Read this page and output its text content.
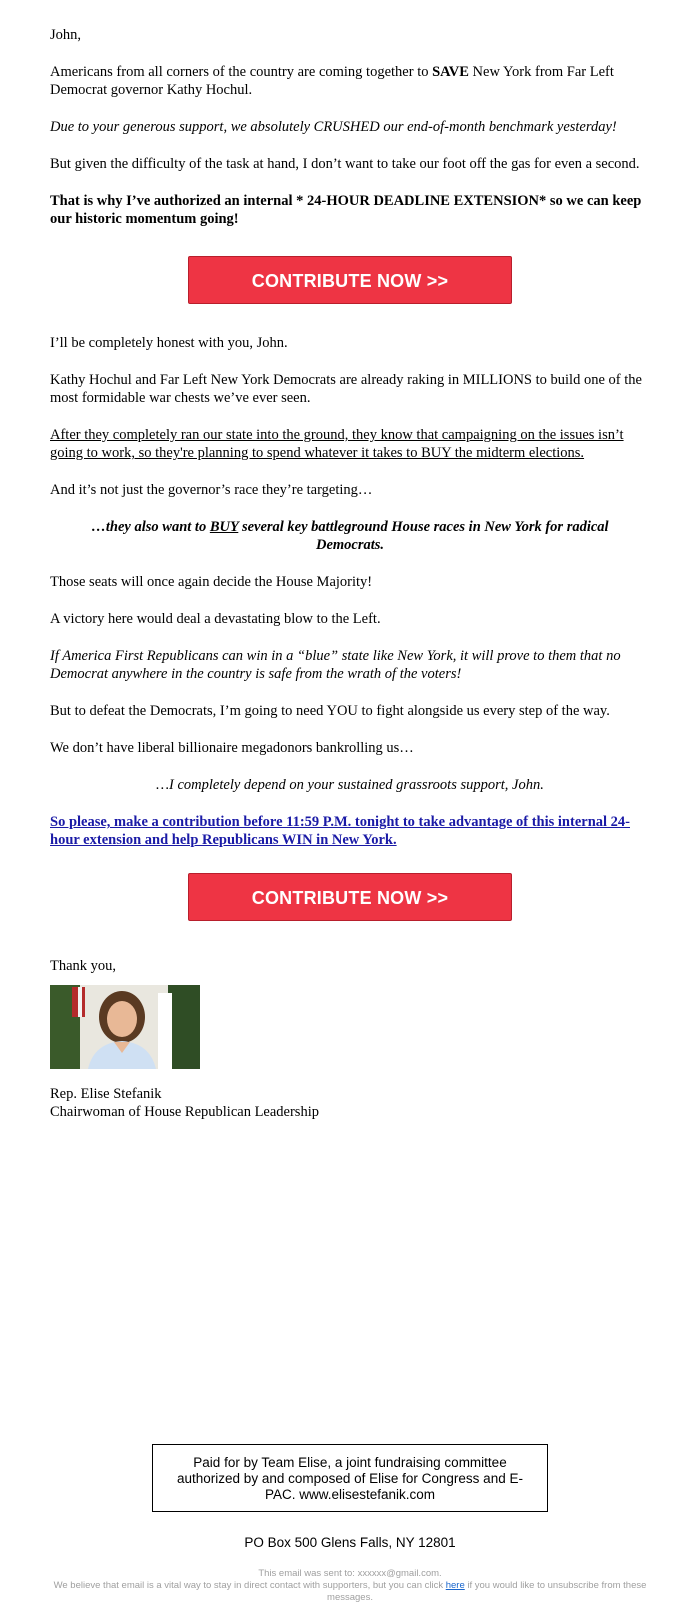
John,

Americans from all corners of the country are coming together to SAVE New York from Far Left Democrat governor Kathy Hochul.

Due to your generous support, we absolutely CRUSHED our end-of-month benchmark yesterday!

But given the difficulty of the task at hand, I don’t want to take our foot off the gas for even a second.

That is why I’ve authorized an internal * 24-HOUR DEADLINE EXTENSION* so we can keep our historic momentum going!

CONTRIBUTE NOW >>

I’ll be completely honest with you, John.

Kathy Hochul and Far Left New York Democrats are already raking in MILLIONS to build one of the most formidable war chests we’ve ever seen.

After they completely ran our state into the ground, they know that campaigning on the issues isn’t going to work, so they're planning to spend whatever it takes to BUY the midterm elections.

And it’s not just the governor’s race they’re targeting…

…they also want to BUY several key battleground House races in New York for radical Democrats.

Those seats will once again decide the House Majority!

A victory here would deal a devastating blow to the Left.

If America First Republicans can win in a “blue” state like New York, it will prove to them that no Democrat anywhere in the country is safe from the wrath of the voters!

But to defeat the Democrats, I’m going to need YOU to fight alongside us every step of the way.

We don’t have liberal billionaire megadonors bankrolling us…

…I completely depend on your sustained grassroots support, John.

So please, make a contribution before 11:59 P.M. tonight to take advantage of this internal 24-hour extension and help Republicans WIN in New York.

CONTRIBUTE NOW >>

Thank you,

Rep. Elise Stefanik

Chairwoman of House Republican Leadership

Paid for by Team Elise, a joint fundraising committee authorized by and composed of Elise for Congress and E-PAC. www.elisestefanik.com
PO Box 500 Glens Falls, NY 12801
This email was sent to: xxxxxx@gmail.com.
We believe that email is a vital way to stay in direct contact with supporters, but you can click here if you would like to unsubscribe from these messages.
